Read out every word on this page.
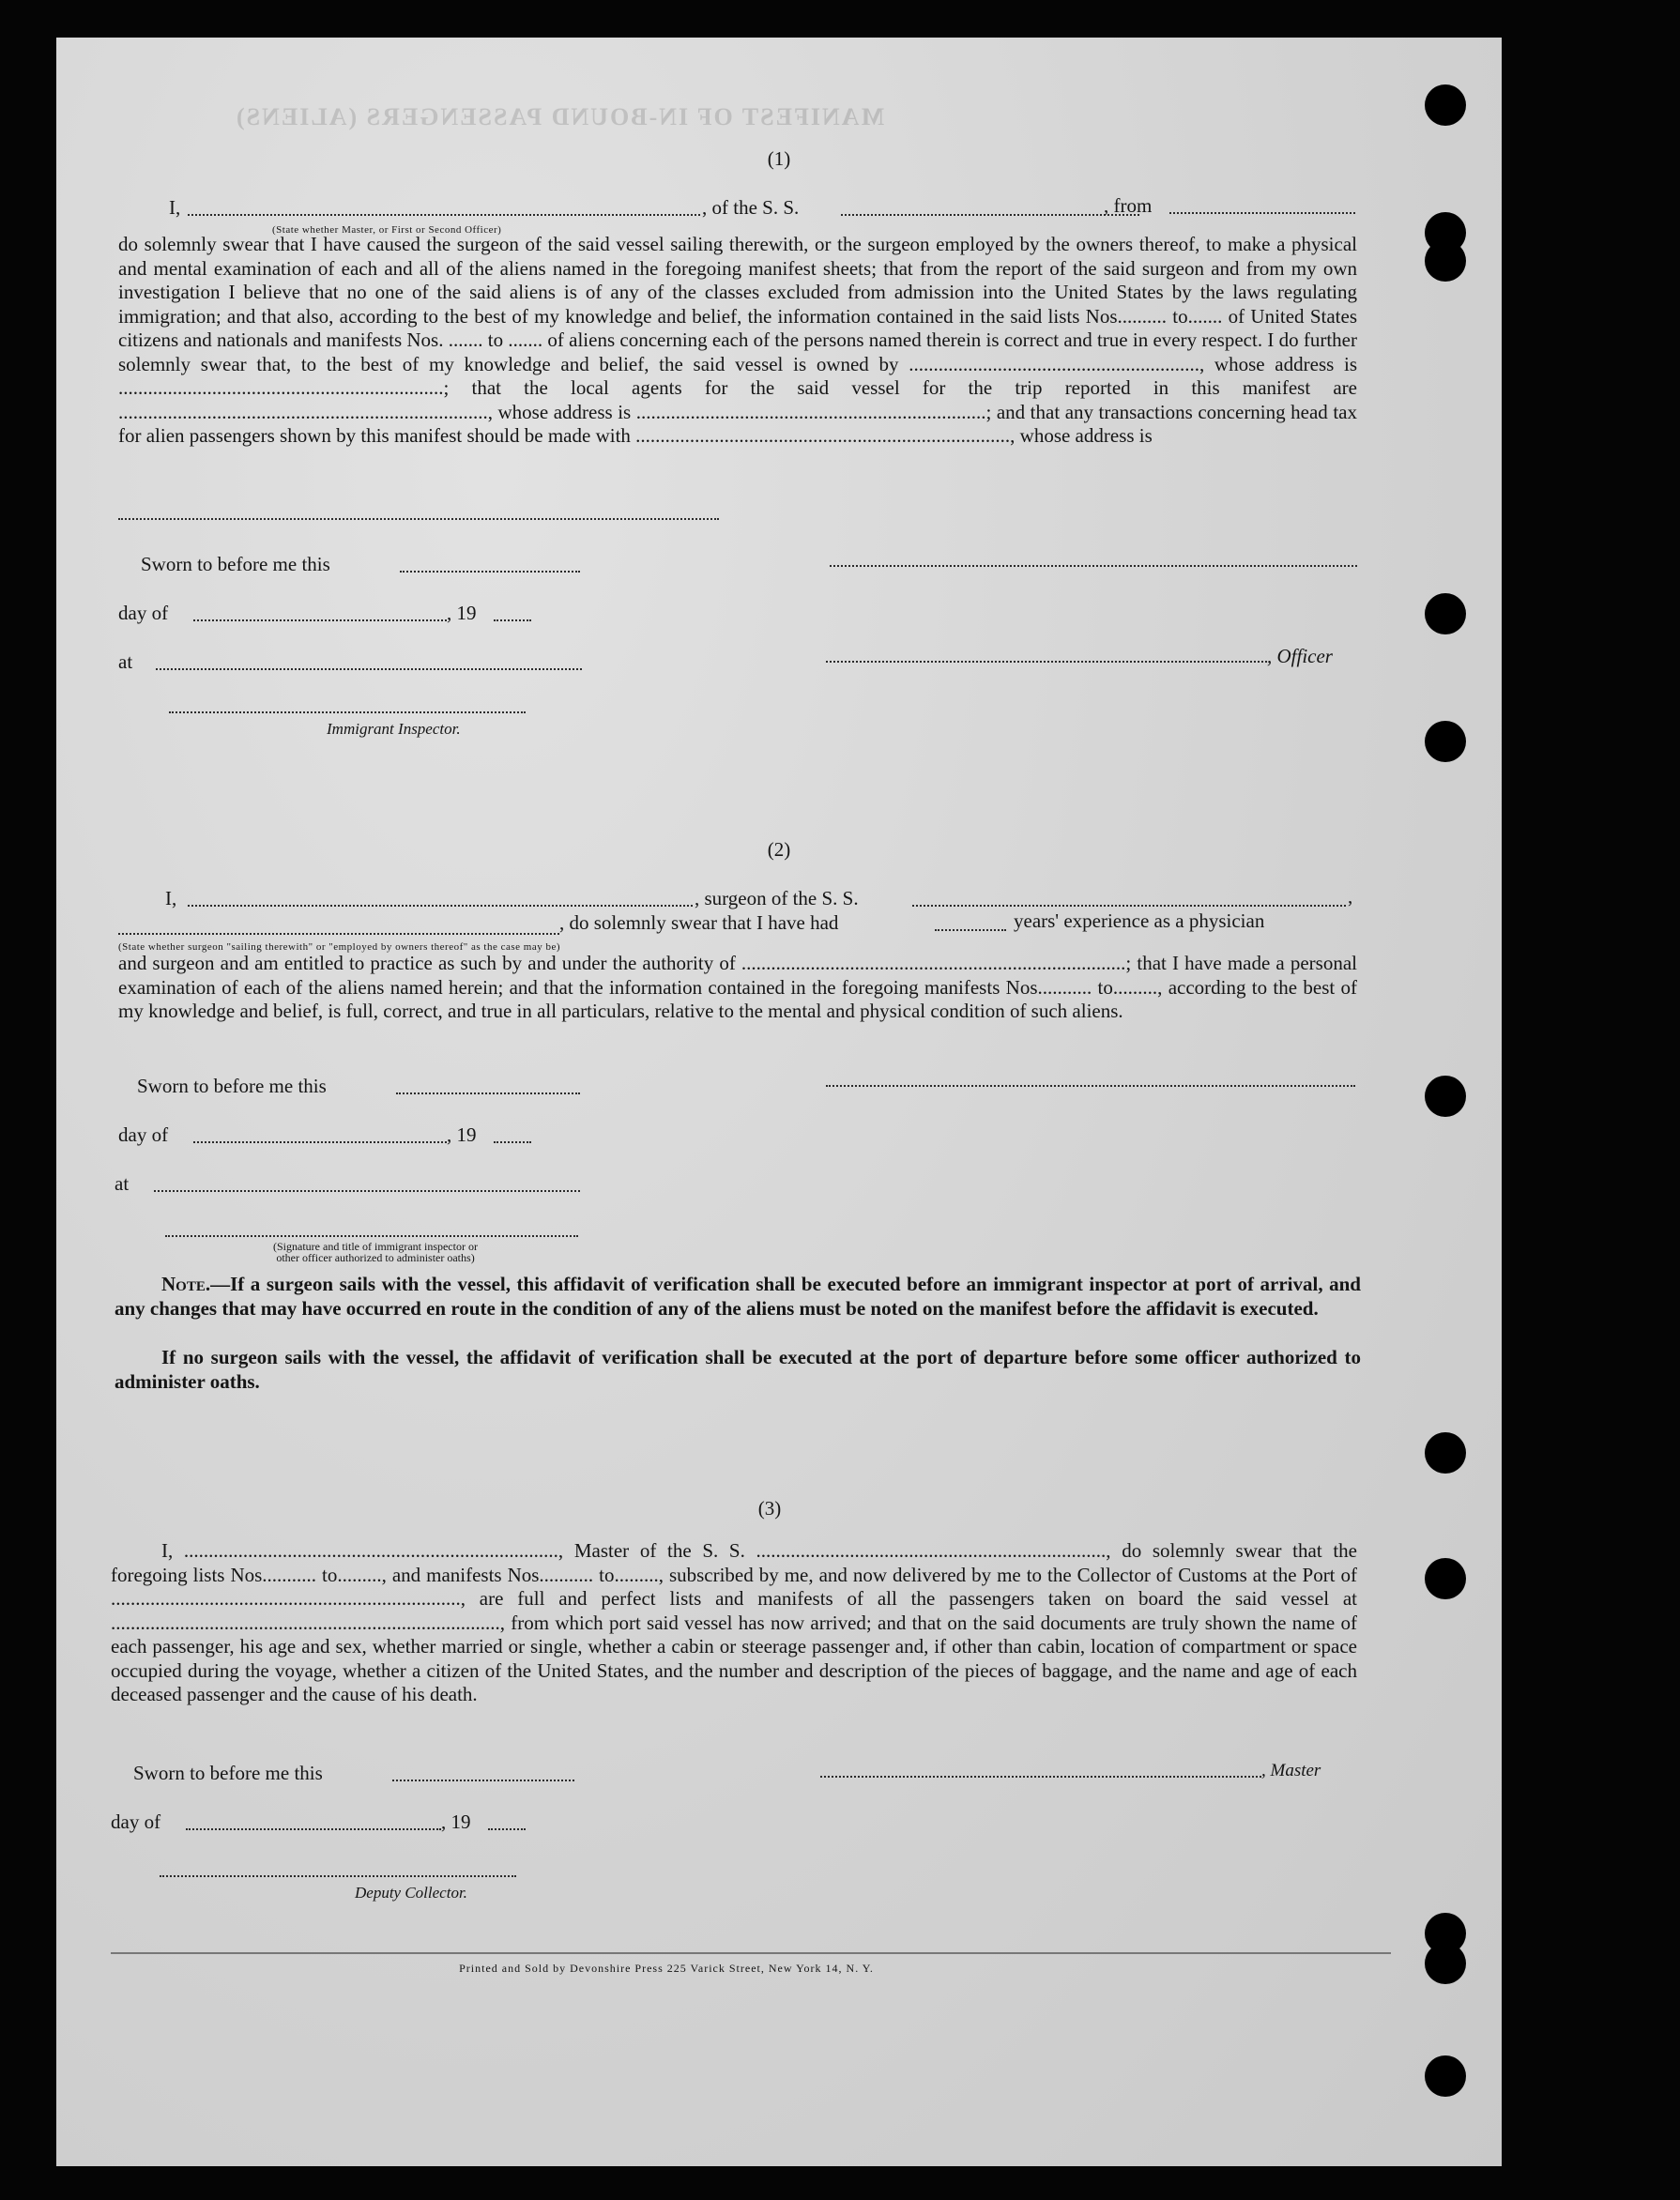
MANIFEST OF IN-BOUND PASSENGERS (ALIENS)
(1)
I,	, of the S. S.	, from
(State whether Master, or First or Second Officer)
do solemnly swear that I have caused the surgeon of the said vessel sailing therewith, or the surgeon employed by the owners thereof, to make a physical and mental examination of each and all of the aliens named in the foregoing manifest sheets; that from the report of the said surgeon and from my own investigation I believe that no one of the said aliens is of any of the classes excluded from admission into the United States by the laws regulating immigration; and that also, according to the best of my knowledge and belief, the information contained in the said lists Nos.......... to....... of United States citizens and nationals and manifests Nos. ....... to ....... of aliens concerning each of the persons named therein is correct and true in every respect. I do further solemnly swear that, to the best of my knowledge and belief, the said vessel is owned by ..........................................................., whose address is ..................................................................; that the local agents for the said vessel for the trip reported in this manifest are ..........................................................................., whose address is .......................................................................; and that any transactions concerning head tax for alien passengers shown by this manifest should be made with ............................................................................, whose address is
Sworn to before me this
day of	, 19
at	, Officer
Immigrant Inspector.
(2)
I,	, surgeon of the S. S.	,
, do solemnly swear that I have had	years' experience as a physician
(State whether surgeon "sailing therewith" or "employed by owners thereof" as the case may be)
and surgeon and am entitled to practice as such by and under the authority of ..............................................................................; that I have made a personal examination of each of the aliens named herein; and that the information contained in the foregoing manifests Nos........... to........., according to the best of my knowledge and belief, is full, correct, and true in all particulars, relative to the mental and physical condition of such aliens.
Sworn to before me this
day of	, 19
at
(Signature and title of immigrant inspector or
other officer authorized to administer oaths)
Note.—If a surgeon sails with the vessel, this affidavit of verification shall be executed before an immigrant inspector at port of arrival, and any changes that may have occurred en route in the condition of any of the aliens must be noted on the manifest before the affidavit is executed.
If no surgeon sails with the vessel, the affidavit of verification shall be executed at the port of departure before some officer authorized to administer oaths.
(3)
I, ............................................................................, Master of the S. S. ......................................................................., do solemnly swear that the foregoing lists Nos........... to........., and manifests Nos........... to........., subscribed by me, and now delivered by me to the Collector of Customs at the Port of ......................................................................., are full and perfect lists and manifests of all the passengers taken on board the said vessel at ..............................................................................., from which port said vessel has now arrived; and that on the said documents are truly shown the name of each passenger, his age and sex, whether married or single, whether a cabin or steerage passenger and, if other than cabin, location of compartment or space occupied during the voyage, whether a citizen of the United States, and the number and description of the pieces of baggage, and the name and age of each deceased passenger and the cause of his death.
Sworn to before me this	, Master
day of	, 19
Deputy Collector.
Printed and Sold by Devonshire Press 225 Varick Street, New York 14, N. Y.
